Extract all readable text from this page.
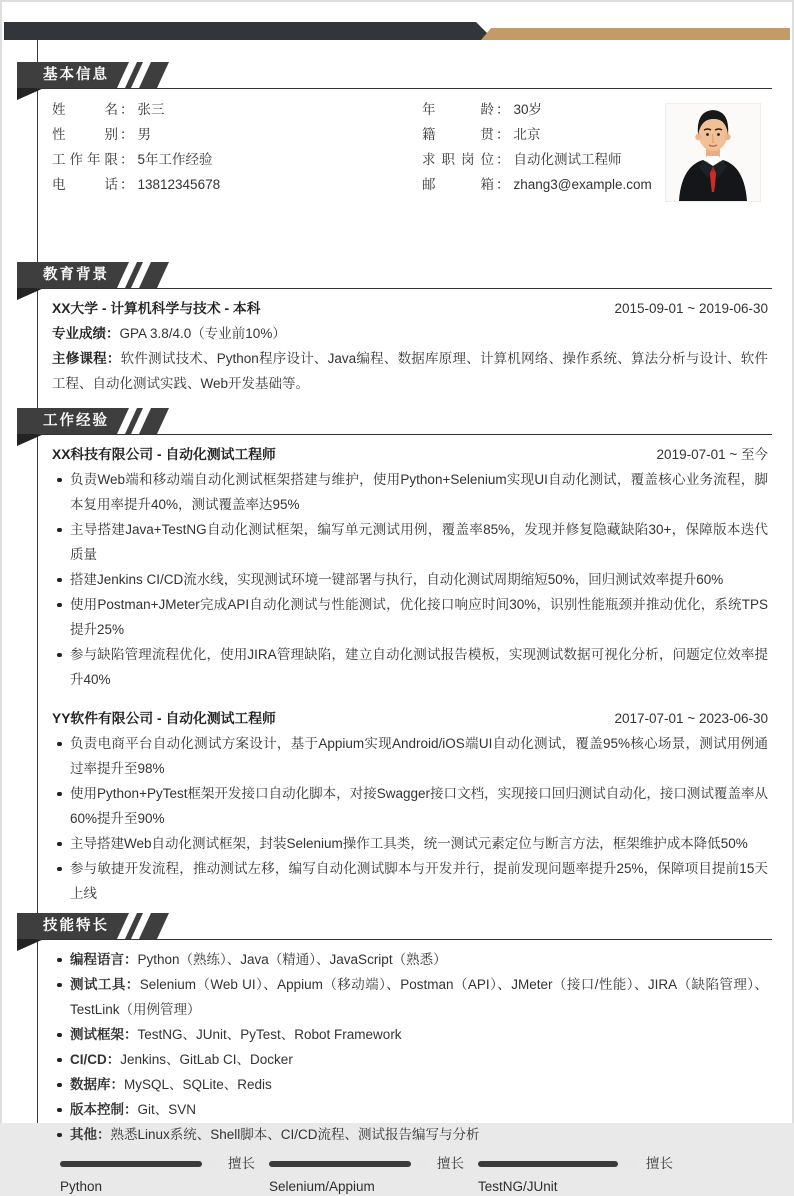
基本信息
姓名 ： 张三
性别 ： 男
工作年限 ： 5年工作经验
电话 ： 13812345678
年龄 ： 30岁
籍贯 ： 北京
求职岗位 ： 自动化测试工程师
邮箱 ： zhang3@example.com
教育背景
XX大学 - 计算机科学与技术 - 本科	2015-09-01 ~ 2019-06-30
专业成绩：GPA 3.8/4.0（专业前10%）
主修课程：软件测试技术、Python程序设计、Java编程、数据库原理、计算机网络、操作系统、算法分析与设计、软件工程、自动化测试实践、Web开发基础等。
工作经验
XX科技有限公司 - 自动化测试工程师	2019-07-01 ~ 至今
负责Web端和移动端自动化测试框架搭建与维护，使用Python+Selenium实现UI自动化测试，覆盖核心业务流程，脚本复用率提升40%，测试覆盖率达95%
主导搭建Java+TestNG自动化测试框架，编写单元测试用例，覆盖率85%，发现并修复隐藏缺陷30+，保障版本迭代质量
搭建Jenkins CI/CD流水线，实现测试环境一键部署与执行，自动化测试周期缩短50%，回归测试效率提升60%
使用Postman+JMeter完成API自动化测试与性能测试，优化接口响应时间30%，识别性能瓶颈并推动优化，系统TPS提升25%
参与缺陷管理流程优化，使用JIRA管理缺陷，建立自动化测试报告模板，实现测试数据可视化分析，问题定位效率提升40%
YY软件有限公司 - 自动化测试工程师	2017-07-01 ~ 2023-06-30
负责电商平台自动化测试方案设计，基于Appium实现Android/iOS端UI自动化测试，覆盖95%核心场景，测试用例通过率提升至98%
使用Python+PyTest框架开发接口自动化脚本，对接Swagger接口文档，实现接口回归测试自动化，接口测试覆盖率从60%提升至90%
主导搭建Web自动化测试框架，封装Selenium操作工具类，统一测试元素定位与断言方法，框架维护成本降低50%
参与敏捷开发流程，推动测试左移，编写自动化测试脚本与开发并行，提前发现问题率提升25%，保障项目提前15天上线
技能特长
编程语言：Python（熟练）、Java（精通）、JavaScript（熟悉）
测试工具：Selenium（Web UI）、Appium（移动端）、Postman（API）、JMeter（接口/性能）、JIRA（缺陷管理）、TestLink（用例管理）
测试框架：TestNG、JUnit、PyTest、Robot Framework
CI/CD：Jenkins、GitLab CI、Docker
数据库：MySQL、SQLite、Redis
版本控制：Git、SVN
其他：熟悉Linux系统、Shell脚本、CI/CD流程、测试报告编写与分析
擅长
Python
擅长
Selenium/Appium
擅长
TestNG/JUnit
